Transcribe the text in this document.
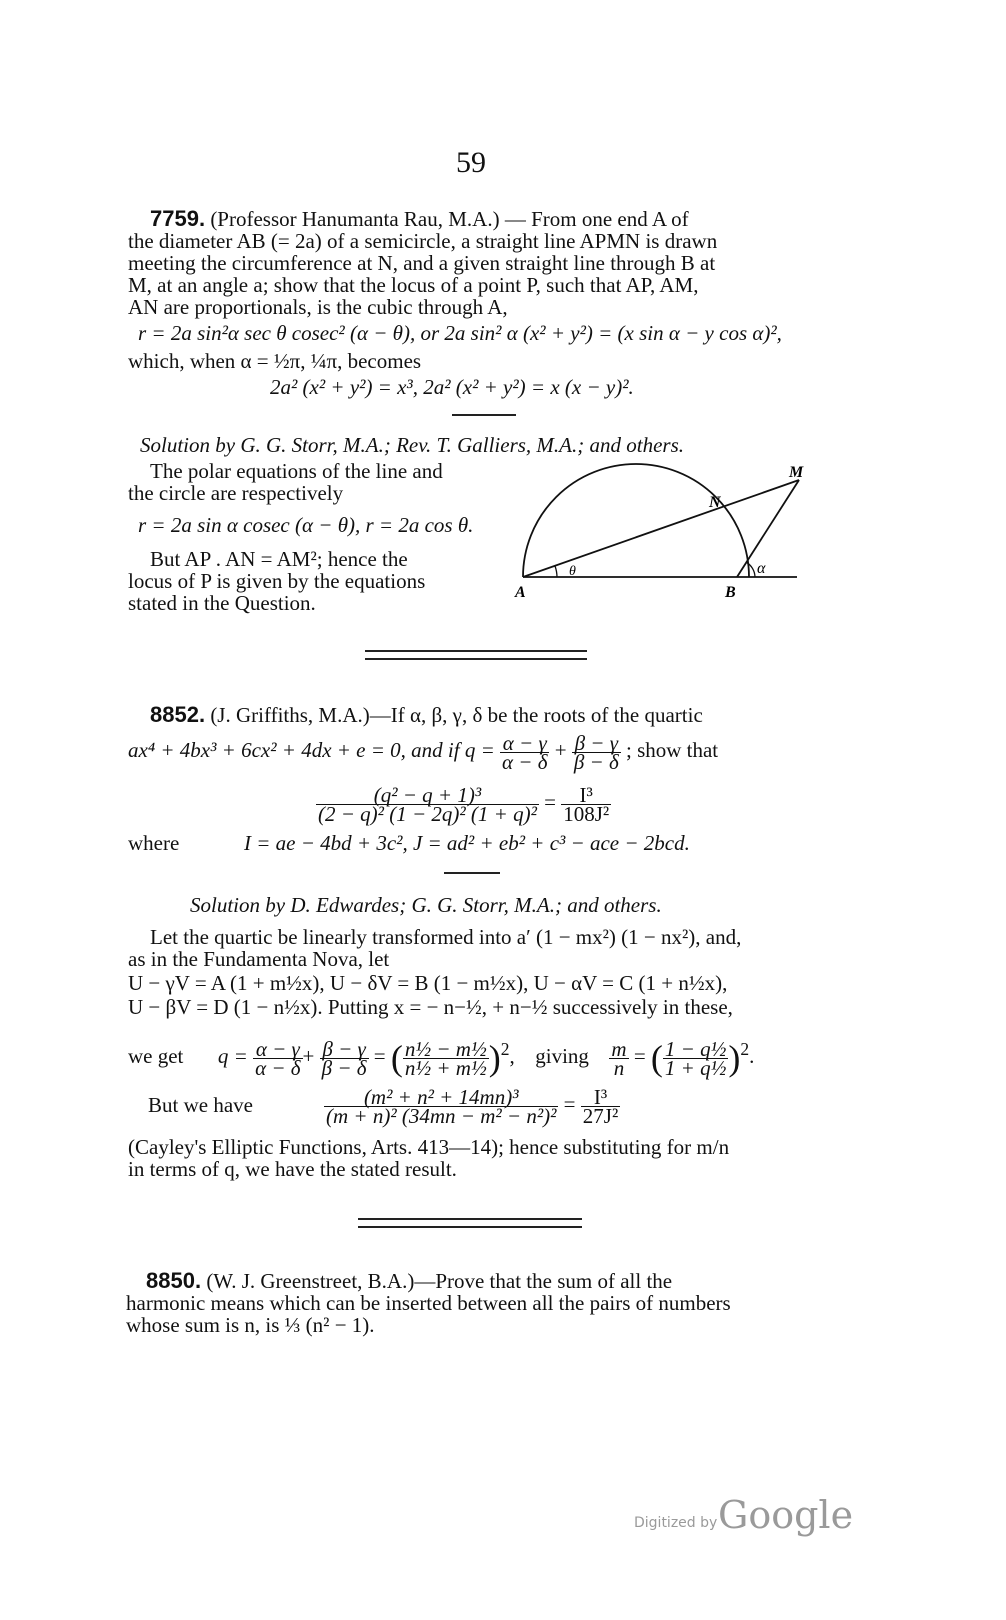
59
7759. (Professor Hanumanta Rau, M.A.) — From one end A of
the diameter AB (= 2a) of a semicircle, a straight line APMN is drawn
meeting the circumference at N, and a given straight line through B at
M, at an angle a; show that the locus of a point P, such that AP, AM,
AN are proportionals, is the cubic through A,
r = 2a sin²α sec θ cosec² (α − θ), or 2a sin² α (x² + y²) = (x sin α − y cos α)²,
which, when α = ½π, ¼π, becomes
2a² (x² + y²) = x³, 2a² (x² + y²) = x (x − y)².
Solution by G. G. Storr, M.A.; Rev. T. Galliers, M.A.; and others.
The polar equations of the line and
the circle are respectively
r = 2a sin α cosec (α − θ), r = 2a cos θ.
But AP . AN = AM²; hence the
locus of P is given by the equations
stated in the Question.	A	B
M
N
θ	α
8852. (J. Griffiths, M.A.)—If α, β, γ, δ be the roots of the quartic
ax⁴ + 4bx³ + 6cx² + 4dx + e = 0, and if $q = \frac{\alpha - \gamma}{\alpha - \delta} + \frac{\beta - \gamma}{\beta - \delta}$ ; show that
$\frac{\text{(q² − q + 1)³}}{\text{(2 − q)² (1 − 2q)² (1 + q)²}} = \frac{\text{I³}}{\text{108J²}}$
where	I = ae − 4bd + 3c², J = ad² + eb² + c³ − ace − 2bcd.
Solution by D. Edwardes; G. G. Storr, M.A.; and others.
Let the quartic be linearly transformed into a′ (1 − mx²) (1 − nx²), and,
as in the Fundamenta Nova, let
U − γV = A (1 + m½x), U − δV = B (1 − m½x), U − αV = C (1 + n½x),
U − βV = D (1 − n½x). Putting x = − n−½, + n−½ successively in these,
we get $q = \frac{\alpha - \gamma}{\alpha - \delta} + \frac{\beta - \gamma}{\beta - \delta}$ = ( $\frac{\text{n½ − m½}}{\text{n½ + m½}} )^2$,  giving $\frac{m}{n}$ = ( $\frac{\text{1 − q½}}{\text{1 + q½}} )^2$.
But we have	$\frac{\text{(m² + n² + 14mn)³}}{\text{(m + n)² (34mn − m² − n²)²}} = \frac{\text{I³}}{\text{27J²}}$
(Cayley's Elliptic Functions, Arts. 413—14); hence substituting for m/n
in terms of q, we have the stated result.
8850. (W. J. Greenstreet, B.A.)—Prove that the sum of all the
harmonic means which can be inserted between all the pairs of numbers
whose sum is n, is ⅓ (n² − 1).
Digitized by Google
